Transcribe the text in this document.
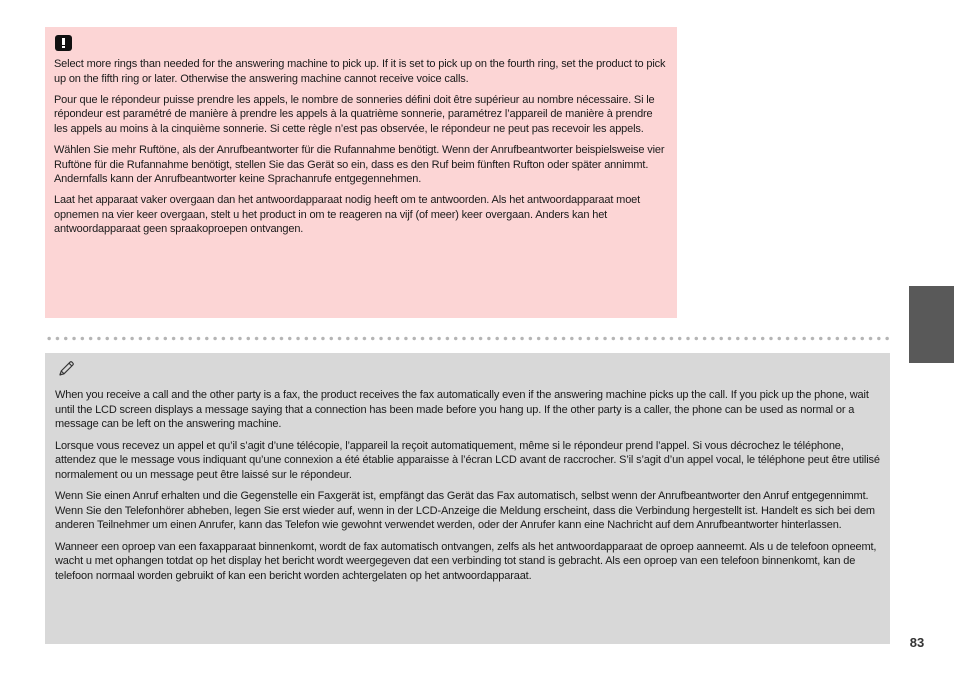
Select more rings than needed for the answering machine to pick up. If it is set to pick up on the fourth ring, set the product to pick up on the fifth ring or later. Otherwise the answering machine cannot receive voice calls.

Pour que le répondeur puisse prendre les appels, le nombre de sonneries défini doit être supérieur au nombre nécessaire. Si le répondeur est paramétré de manière à prendre les appels à la quatrième sonnerie, paramétrez l’appareil de manière à prendre les appels au moins à la cinquième sonnerie. Si cette règle n’est pas observée, le répondeur ne peut pas recevoir les appels.

Wählen Sie mehr Ruftöne, als der Anrufbeantworter für die Rufannahme benötigt. Wenn der Anrufbeantworter beispielsweise vier Ruftöne für die Rufannahme benötigt, stellen Sie das Gerät so ein, dass es den Ruf beim fünften Rufton oder später annimmt. Andernfalls kann der Anrufbeantworter keine Sprachanrufe entgegennehmen.

Laat het apparaat vaker overgaan dan het antwoordapparaat nodig heeft om te antwoorden. Als het antwoordapparaat moet opnemen na vier keer overgaan, stelt u het product in om te reageren na vijf (of meer) keer overgaan. Anders kan het antwoordapparaat geen spraakoproepen ontvangen.

When you receive a call and the other party is a fax, the product receives the fax automatically even if the answering machine picks up the call. If you pick up the phone, wait until the LCD screen displays a message saying that a connection has been made before you hang up. If the other party is a caller, the phone can be used as normal or a message can be left on the answering machine.

Lorsque vous recevez un appel et qu’il s’agit d’une télécopie, l’appareil la reçoit automatiquement, même si le répondeur prend l’appel. Si vous décrochez le téléphone, attendez que le message vous indiquant qu’une connexion a été établie apparaisse à l’écran LCD avant de raccrocher. S’il s’agit d’un appel vocal, le téléphone peut être utilisé normalement ou un message peut être laissé sur le répondeur.

Wenn Sie einen Anruf erhalten und die Gegenstelle ein Faxgerät ist, empfängt das Gerät das Fax automatisch, selbst wenn der Anrufbeantworter den Anruf entgegennimmt. Wenn Sie den Telefonhörer abheben, legen Sie erst wieder auf, wenn in der LCD-Anzeige die Meldung erscheint, dass die Verbindung hergestellt ist. Handelt es sich bei dem anderen Teilnehmer um einen Anrufer, kann das Telefon wie gewohnt verwendet werden, oder der Anrufer kann eine Nachricht auf dem Anrufbeantworter hinterlassen.

Wanneer een oproep van een faxapparaat binnenkomt, wordt de fax automatisch ontvangen, zelfs als het antwoordapparaat de oproep aanneemt. Als u de telefoon opneemt, wacht u met ophangen totdat op het display het bericht wordt weergegeven dat een verbinding tot stand is gebracht. Als een oproep van een telefoon binnenkomt, kan de telefoon normaal worden gebruikt of kan een bericht worden achtergelaten op het antwoordapparaat.

83
